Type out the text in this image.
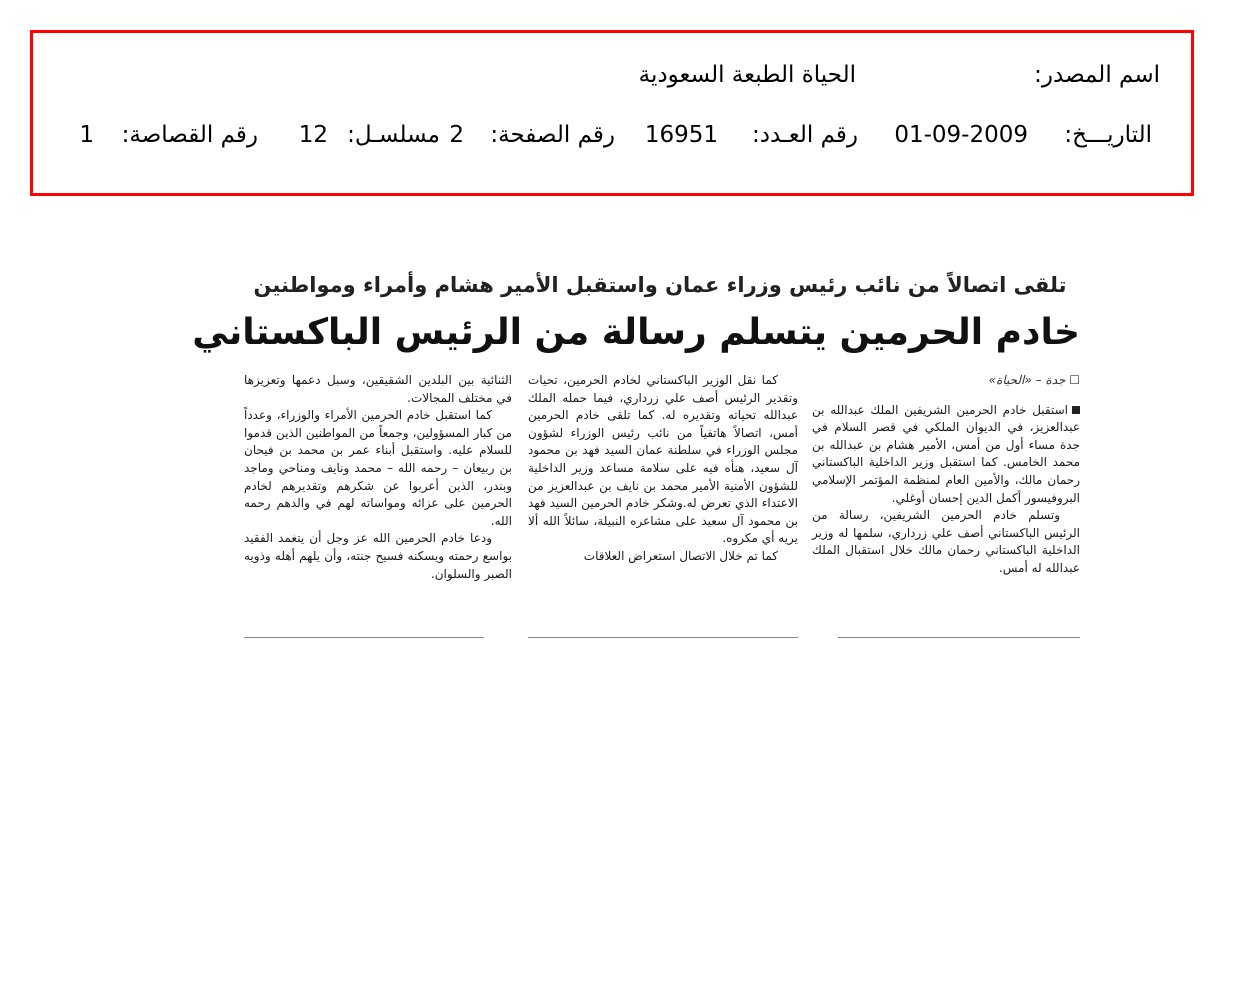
اسم المصدر:
الحياة الطبعة السعودية
التاريـــخ:
01-09-2009
رقم العـدد:
16951
رقم الصفحة:
2
مسلسـل:
12
رقم القصاصة:
1
تلقى اتصالاً من نائب رئيس وزراء عمان واستقبل الأمير هشام وأمراء ومواطنين
خادم الحرمين يتسلم رسالة من الرئيس الباكستاني

☐ جدة – «الحياة»

استقبل خادم الحرمين الشريفين الملك عبدالله بن عبدالعزيز، في الديوان الملكي في قصر السلام في جدة مساء أول من أمس، الأمير هشام بن عبدالله بن محمد الخامس. كما استقبل وزير الداخلية الباكستاني رحمان مالك، والأمين العام لمنظمة المؤتمر الإسلامي البروفيسور أكمل الدين إحسان أوغلي.

وتسلم خادم الحرمين الشريفين، رسالة من الرئيس الباكستاني أصف علي زرداري، سلمها له وزير الداخلية الباكستاني رحمان مالك خلال استقبال الملك عبدالله له أمس.

كما نقل الوزير الباكستاني لخادم الحرمين، تحيات وتقدير الرئيس أصف علي زرداري، فيما حمله الملك عبدالله تحياته وتقديره له. كما تلقى خادم الحرمين أمس، اتصالاً هاتفياً من نائب رئيس الوزراء لشؤون مجلس الوزراء في سلطنة عمان السيد فهد بن محمود آل سعيد، هنأه فيه على سلامة مساعد وزير الداخلية للشؤون الأمنية الأمير محمد بن نايف بن عبدالعزيز من الاعتداء الذي تعرض له.وشكر خادم الحرمين السيد فهد بن محمود آل سعيد على مشاعره النبيلة، سائلاً الله ألا يريه أي مكروه.

كما تم خلال الاتصال استعراض العلاقات

الثنائية بين البلدين الشقيقين، وسبل دعمها وتعزيزها في مختلف المجالات.

كما استقبل خادم الحرمين الأمراء والوزراء، وعدداً من كبار المسؤولين، وجمعاً من المواطنين الذين قدموا للسلام عليه. واستقبل أبناء عمر بن محمد بن فيحان بن ربيعان – رحمه الله – محمد ونايف ومناحي وماجد وبندر، الذين أعربوا عن شكرهم وتقديرهم لخادم الحرمين على عزائه ومواساته لهم في والدهم رحمه الله.

ودعا خادم الحرمين الله عز وجل أن يتغمد الفقيد بواسع رحمته ويسكنه فسيح جنته، وأن يلهم أهله وذويه الصبر والسلوان.
